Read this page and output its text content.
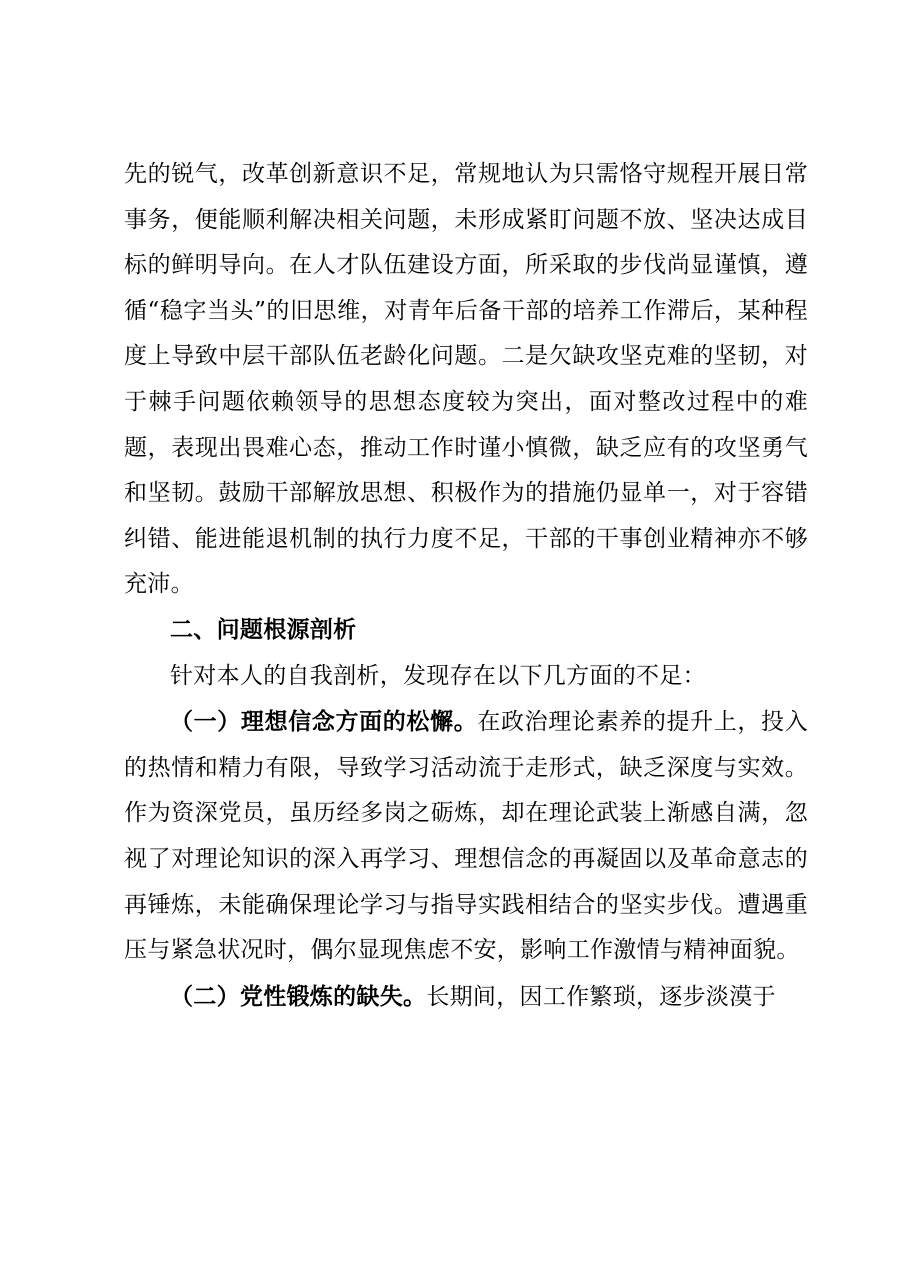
先的锐气，改革创新意识不足，常规地认为只需恪守规程开展日常事务，便能顺利解决相关问题，未形成紧盯问题不放、坚决达成目标的鲜明导向。在人才队伍建设方面，所采取的步伐尚显谨慎，遵循“稳字当头”的旧思维，对青年后备干部的培养工作滞后，某种程度上导致中层干部队伍老龄化问题。二是欠缺攻坚克难的坚韧，对于棘手问题依赖领导的思想态度较为突出，面对整改过程中的难题，表现出畏难心态，推动工作时谨小慎微，缺乏应有的攻坚勇气和坚韧。鼓励干部解放思想、积极作为的措施仍显单一，对于容错纠错、能进能退机制的执行力度不足，干部的干事创业精神亦不够充沛。

二、问题根源剖析

针对本人的自我剖析，发现存在以下几方面的不足：

（一）理想信念方面的松懈。在政治理论素养的提升上，投入的热情和精力有限，导致学习活动流于走形式，缺乏深度与实效。作为资深党员，虽历经多岗之砺炼，却在理论武装上渐感自满，忽视了对理论知识的深入再学习、理想信念的再凝固以及革命意志的再锤炼，未能确保理论学习与指导实践相结合的坚实步伐。遭遇重压与紧急状况时，偶尔显现焦虑不安，影响工作激情与精神面貌。

（二）党性锻炼的缺失。长期间，因工作繁琐，逐步淡漠于
